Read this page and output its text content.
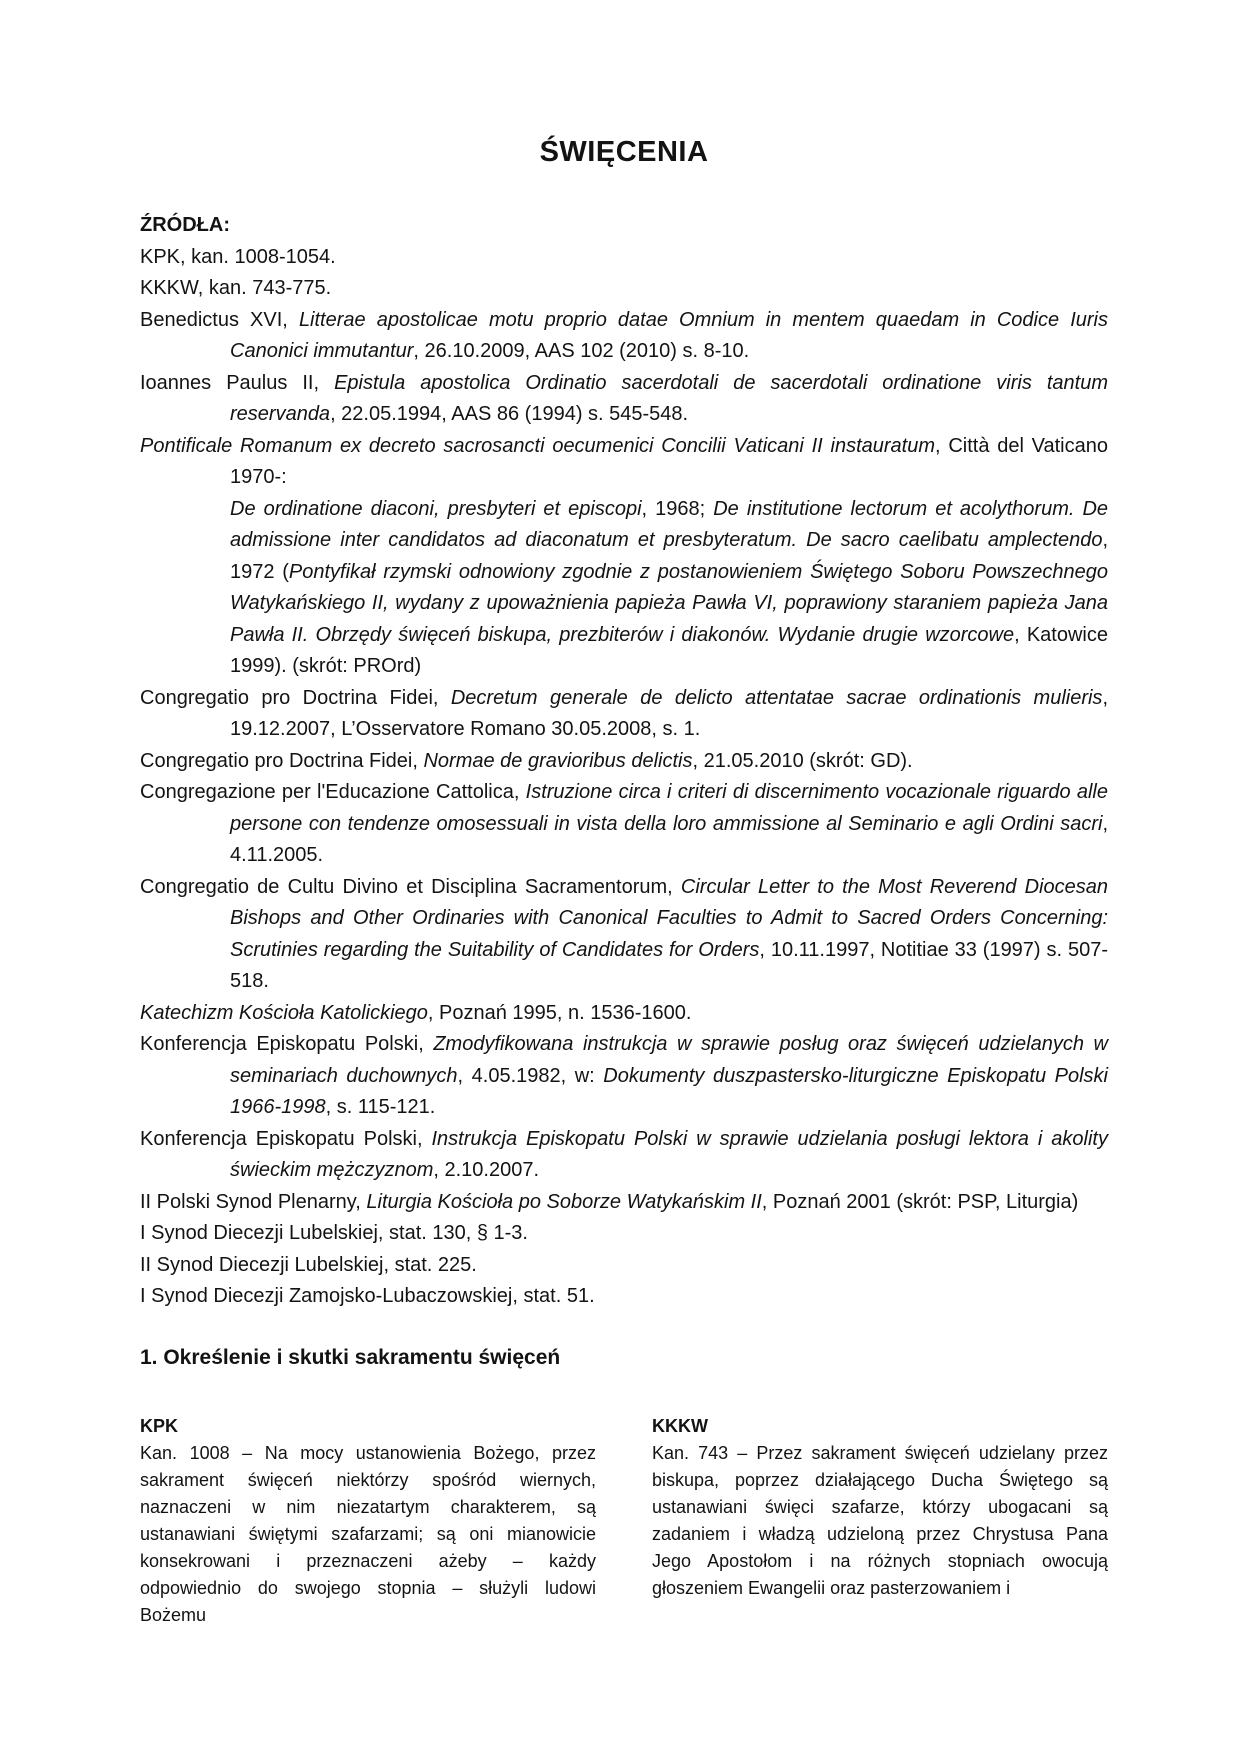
ŚWIĘCENIA

ŹRÓDŁA:

KPK, kan. 1008-1054.

KKKW, kan. 743-775.

Benedictus XVI, Litterae apostolicae motu proprio datae Omnium in mentem quaedam in Codice Iuris Canonici immutantur, 26.10.2009, AAS 102 (2010) s. 8-10.

Ioannes Paulus II, Epistula apostolica Ordinatio sacerdotali de sacerdotali ordinatione viris tantum reservanda, 22.05.1994, AAS 86 (1994) s. 545-548.

Pontificale Romanum ex decreto sacrosancti oecumenici Concilii Vaticani II instauratum, Città del Vaticano 1970-:

De ordinatione diaconi, presbyteri et episcopi, 1968; De institutione lectorum et acolythorum. De admissione inter candidatos ad diaconatum et presbyteratum. De sacro caelibatu amplectendo, 1972 (Pontyfikał rzymski odnowiony zgodnie z postanowieniem Świętego Soboru Powszechnego Watykańskiego II, wydany z upoważnienia papieża Pawła VI, poprawiony staraniem papieża Jana Pawła II. Obrzędy święceń biskupa, prezbiterów i diakonów. Wydanie drugie wzorcowe, Katowice 1999). (skrót: PROrd)

Congregatio pro Doctrina Fidei, Decretum generale de delicto attentatae sacrae ordinationis mulieris, 19.12.2007, L’Osservatore Romano 30.05.2008, s. 1.

Congregatio pro Doctrina Fidei, Normae de gravioribus delictis, 21.05.2010 (skrót: GD).

Congregazione per l'Educazione Cattolica, Istruzione circa i criteri di discernimento vocazionale riguardo alle persone con tendenze omosessuali in vista della loro ammissione al Seminario e agli Ordini sacri, 4.11.2005.

Congregatio de Cultu Divino et Disciplina Sacramentorum, Circular Letter to the Most Reverend Diocesan Bishops and Other Ordinaries with Canonical Faculties to Admit to Sacred Orders Concerning: Scrutinies regarding the Suitability of Candidates for Orders, 10.11.1997, Notitiae 33 (1997) s. 507-518.

Katechizm Kościoła Katolickiego, Poznań 1995, n. 1536-1600.

Konferencja Episkopatu Polski, Zmodyfikowana instrukcja w sprawie posług oraz święceń udzielanych w seminariach duchownych, 4.05.1982, w: Dokumenty duszpastersko-liturgiczne Episkopatu Polski 1966-1998, s. 115-121.

Konferencja Episkopatu Polski, Instrukcja Episkopatu Polski w sprawie udzielania posługi lektora i akolity świeckim mężczyznom, 2.10.2007.

II Polski Synod Plenarny, Liturgia Kościoła po Soborze Watykańskim II, Poznań 2001 (skrót: PSP, Liturgia)

I Synod Diecezji Lubelskiej, stat. 130, § 1-3.

II Synod Diecezji Lubelskiej, stat. 225.

I Synod Diecezji Zamojsko-Lubaczowskiej, stat. 51.

1. Określenie i skutki sakramentu święceń

KPK

Kan. 1008 – Na mocy ustanowienia Bożego, przez sakrament święceń niektórzy spośród wiernych, naznaczeni w nim niezatartym charakterem, są ustanawiani świętymi szafarzami; są oni mianowicie konsekrowani i przeznaczeni ażeby – każdy odpowiednio do swojego stopnia – służyli ludowi Bożemu

KKKW

Kan. 743 – Przez sakrament święceń udzielany przez biskupa, poprzez działającego Ducha Świętego są ustanawiani święci szafarze, którzy ubogacani są zadaniem i władzą udzieloną przez Chrystusa Pana Jego Apostołom i na różnych stopniach owocują głoszeniem Ewangelii oraz pasterzowaniem i
